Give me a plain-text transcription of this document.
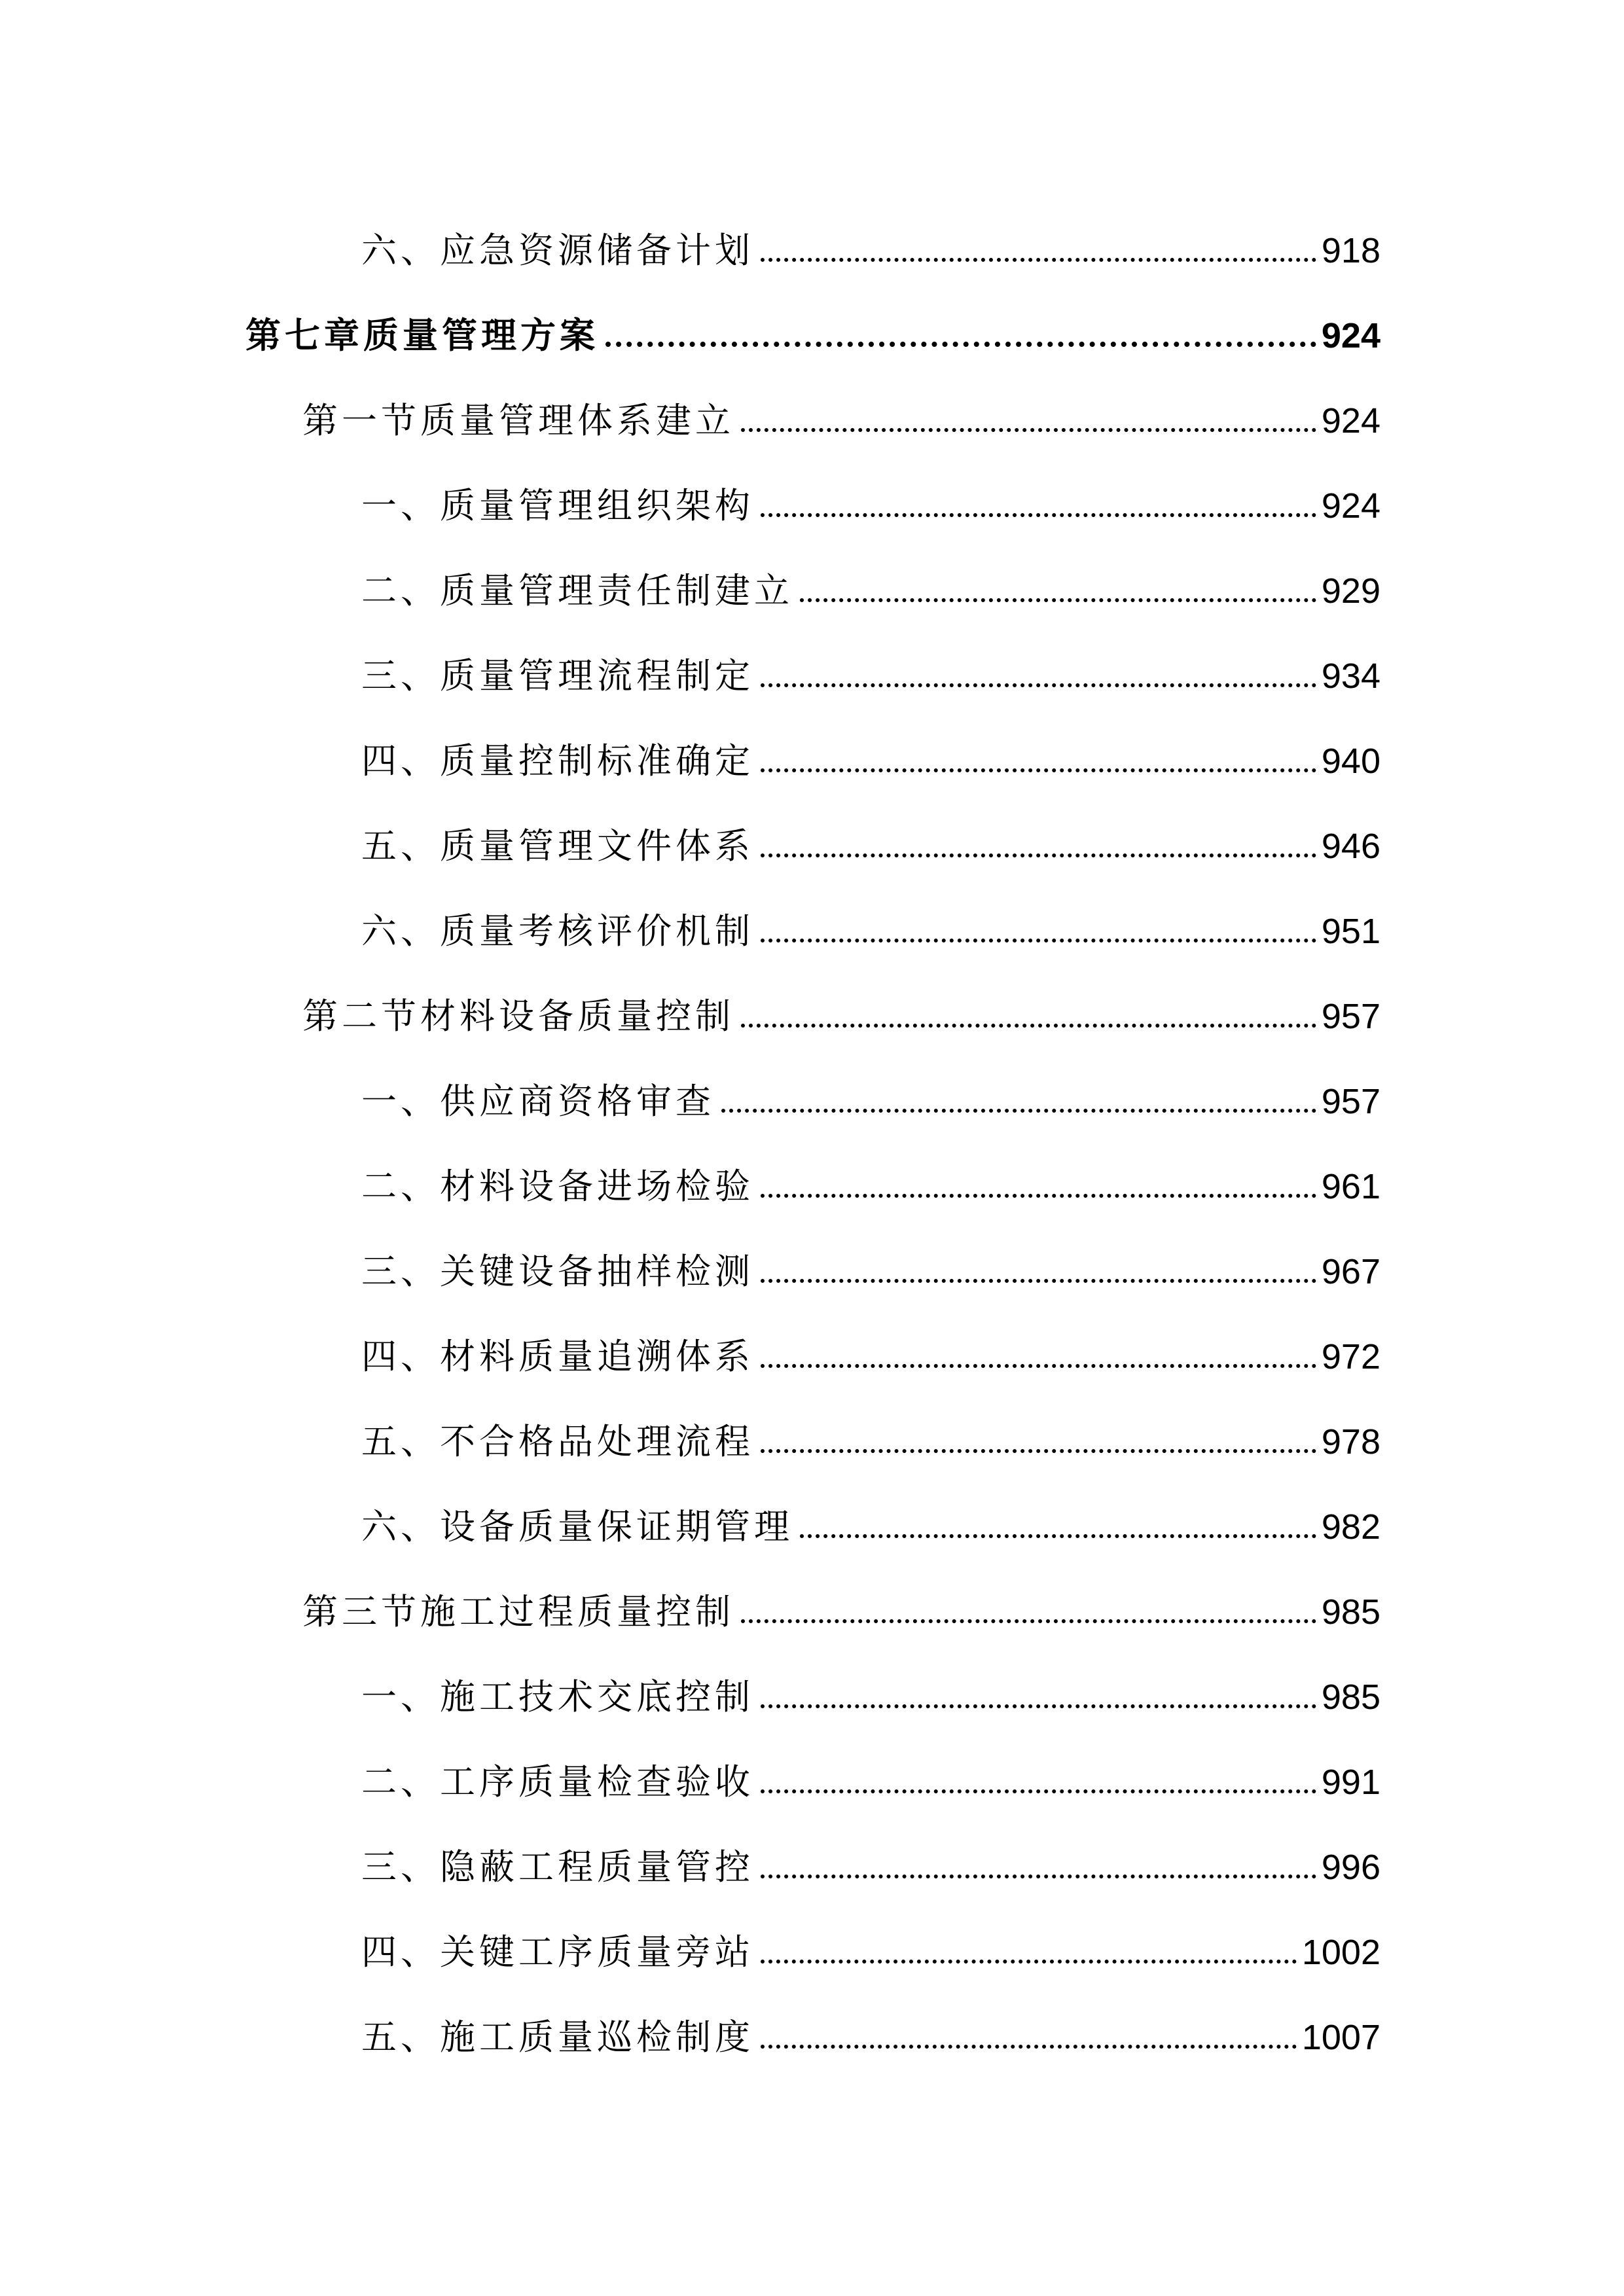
六、应急资源储备计划	918
第七章质量管理方案	924
第一节质量管理体系建立	924
一、质量管理组织架构	924
二、质量管理责任制建立	929
三、质量管理流程制定	934
四、质量控制标准确定	940
五、质量管理文件体系	946
六、质量考核评价机制	951
第二节材料设备质量控制	957
一、供应商资格审查	957
二、材料设备进场检验	961
三、关键设备抽样检测	967
四、材料质量追溯体系	972
五、不合格品处理流程	978
六、设备质量保证期管理	982
第三节施工过程质量控制	985
一、施工技术交底控制	985
二、工序质量检查验收	991
三、隐蔽工程质量管控	996
四、关键工序质量旁站	1002
五、施工质量巡检制度	1007
